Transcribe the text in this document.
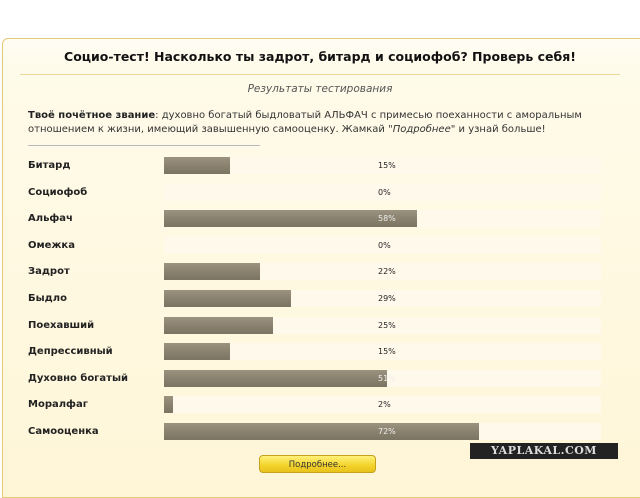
Социо-тест! Насколько ты задрот, битард и социофоб? Проверь себя!
Результаты тестирования
Твоё почётное звание: духовно богатый быдловатый АЛЬФАЧ с примесью поеханности с аморальным отношением к жизни, имеющий завышенную самооценку. Жамкай "Подробнее" и узнай больше!
Битард	15%
Социофоб	0%
Альфач	58%
Омежка	0%
Задрот	22%
Быдло	29%
Поехавший	25%
Депрессивный	15%
Духовно богатый	51%
Моралфаг	2%
Самооценка	72%
Подробнее...
YAPLAKAL.COM
